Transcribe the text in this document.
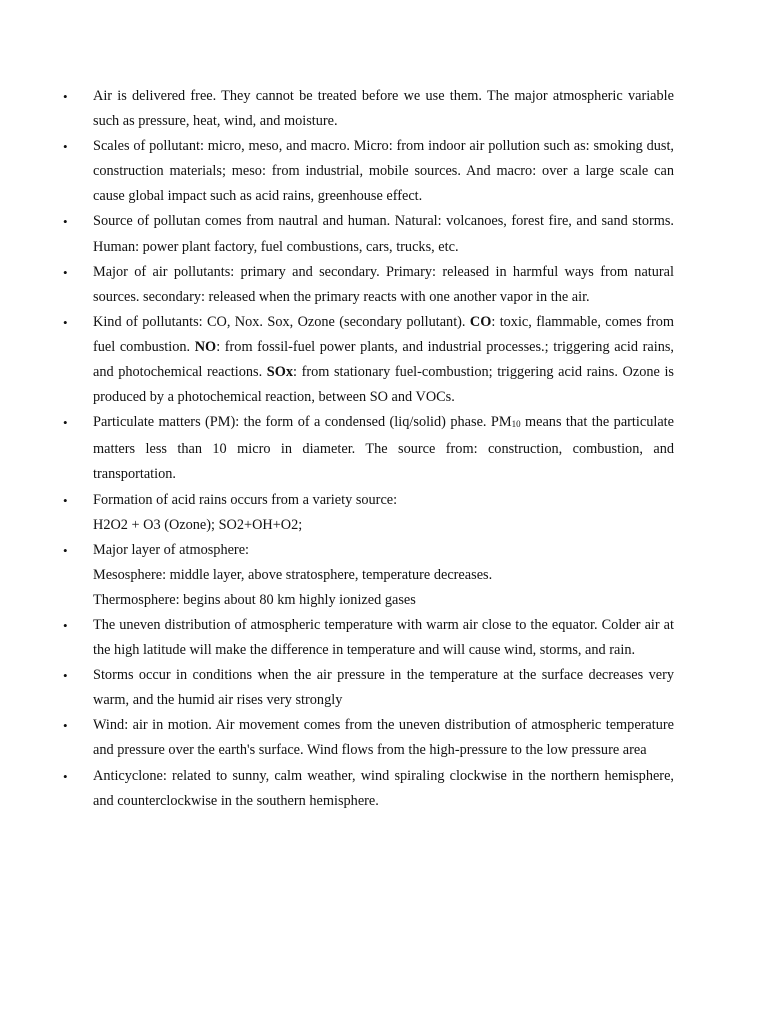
• Air is delivered free. They cannot be treated before we use them. The major atmospheric variable such as pressure, heat, wind, and moisture.
• Scales of pollutant: micro, meso, and macro. Micro: from indoor air pollution such as: smoking dust, construction materials; meso: from industrial, mobile sources. And macro: over a large scale can cause global impact such as acid rains, greenhouse effect.
• Source of pollutan comes from nautral and human. Natural: volcanoes, forest fire, and sand storms. Human: power plant factory, fuel combustions, cars, trucks, etc.
• Major of air pollutants: primary and secondary. Primary: released in harmful ways from natural sources. secondary: released when the primary reacts with one another vapor in the air.
• Kind of pollutants: CO, Nox. Sox, Ozone (secondary pollutant). CO: toxic, flammable, comes from fuel combustion. NO: from fossil-fuel power plants, and industrial processes.; triggering acid rains, and photochemical reactions. SOx: from stationary fuel-combustion; triggering acid rains. Ozone is produced by a photochemical reaction, between SO and VOCs.
• Particulate matters (PM): the form of a condensed (liq/solid) phase. PM10 means that the particulate matters less than 10 micro in diameter. The source from: construction, combustion, and transportation.
• Formation of acid rains occurs from a variety source:
H2O2 + O3 (Ozone); SO2+OH+O2;
• Major layer of atmosphere:
Mesosphere: middle layer, above stratosphere, temperature decreases.
Thermosphere: begins about 80 km highly ionized gases
• The uneven distribution of atmospheric temperature with warm air close to the equator. Colder air at the high latitude will make the difference in temperature and will cause wind, storms, and rain.
• Storms occur in conditions when the air pressure in the temperature at the surface decreases very warm, and the humid air rises very strongly
• Wind: air in motion. Air movement comes from the uneven distribution of atmospheric temperature and pressure over the earth's surface. Wind flows from the high-pressure to the low pressure area
• Anticyclone: related to sunny, calm weather, wind spiraling clockwise in the northern hemisphere, and counterclockwise in the southern hemisphere.
